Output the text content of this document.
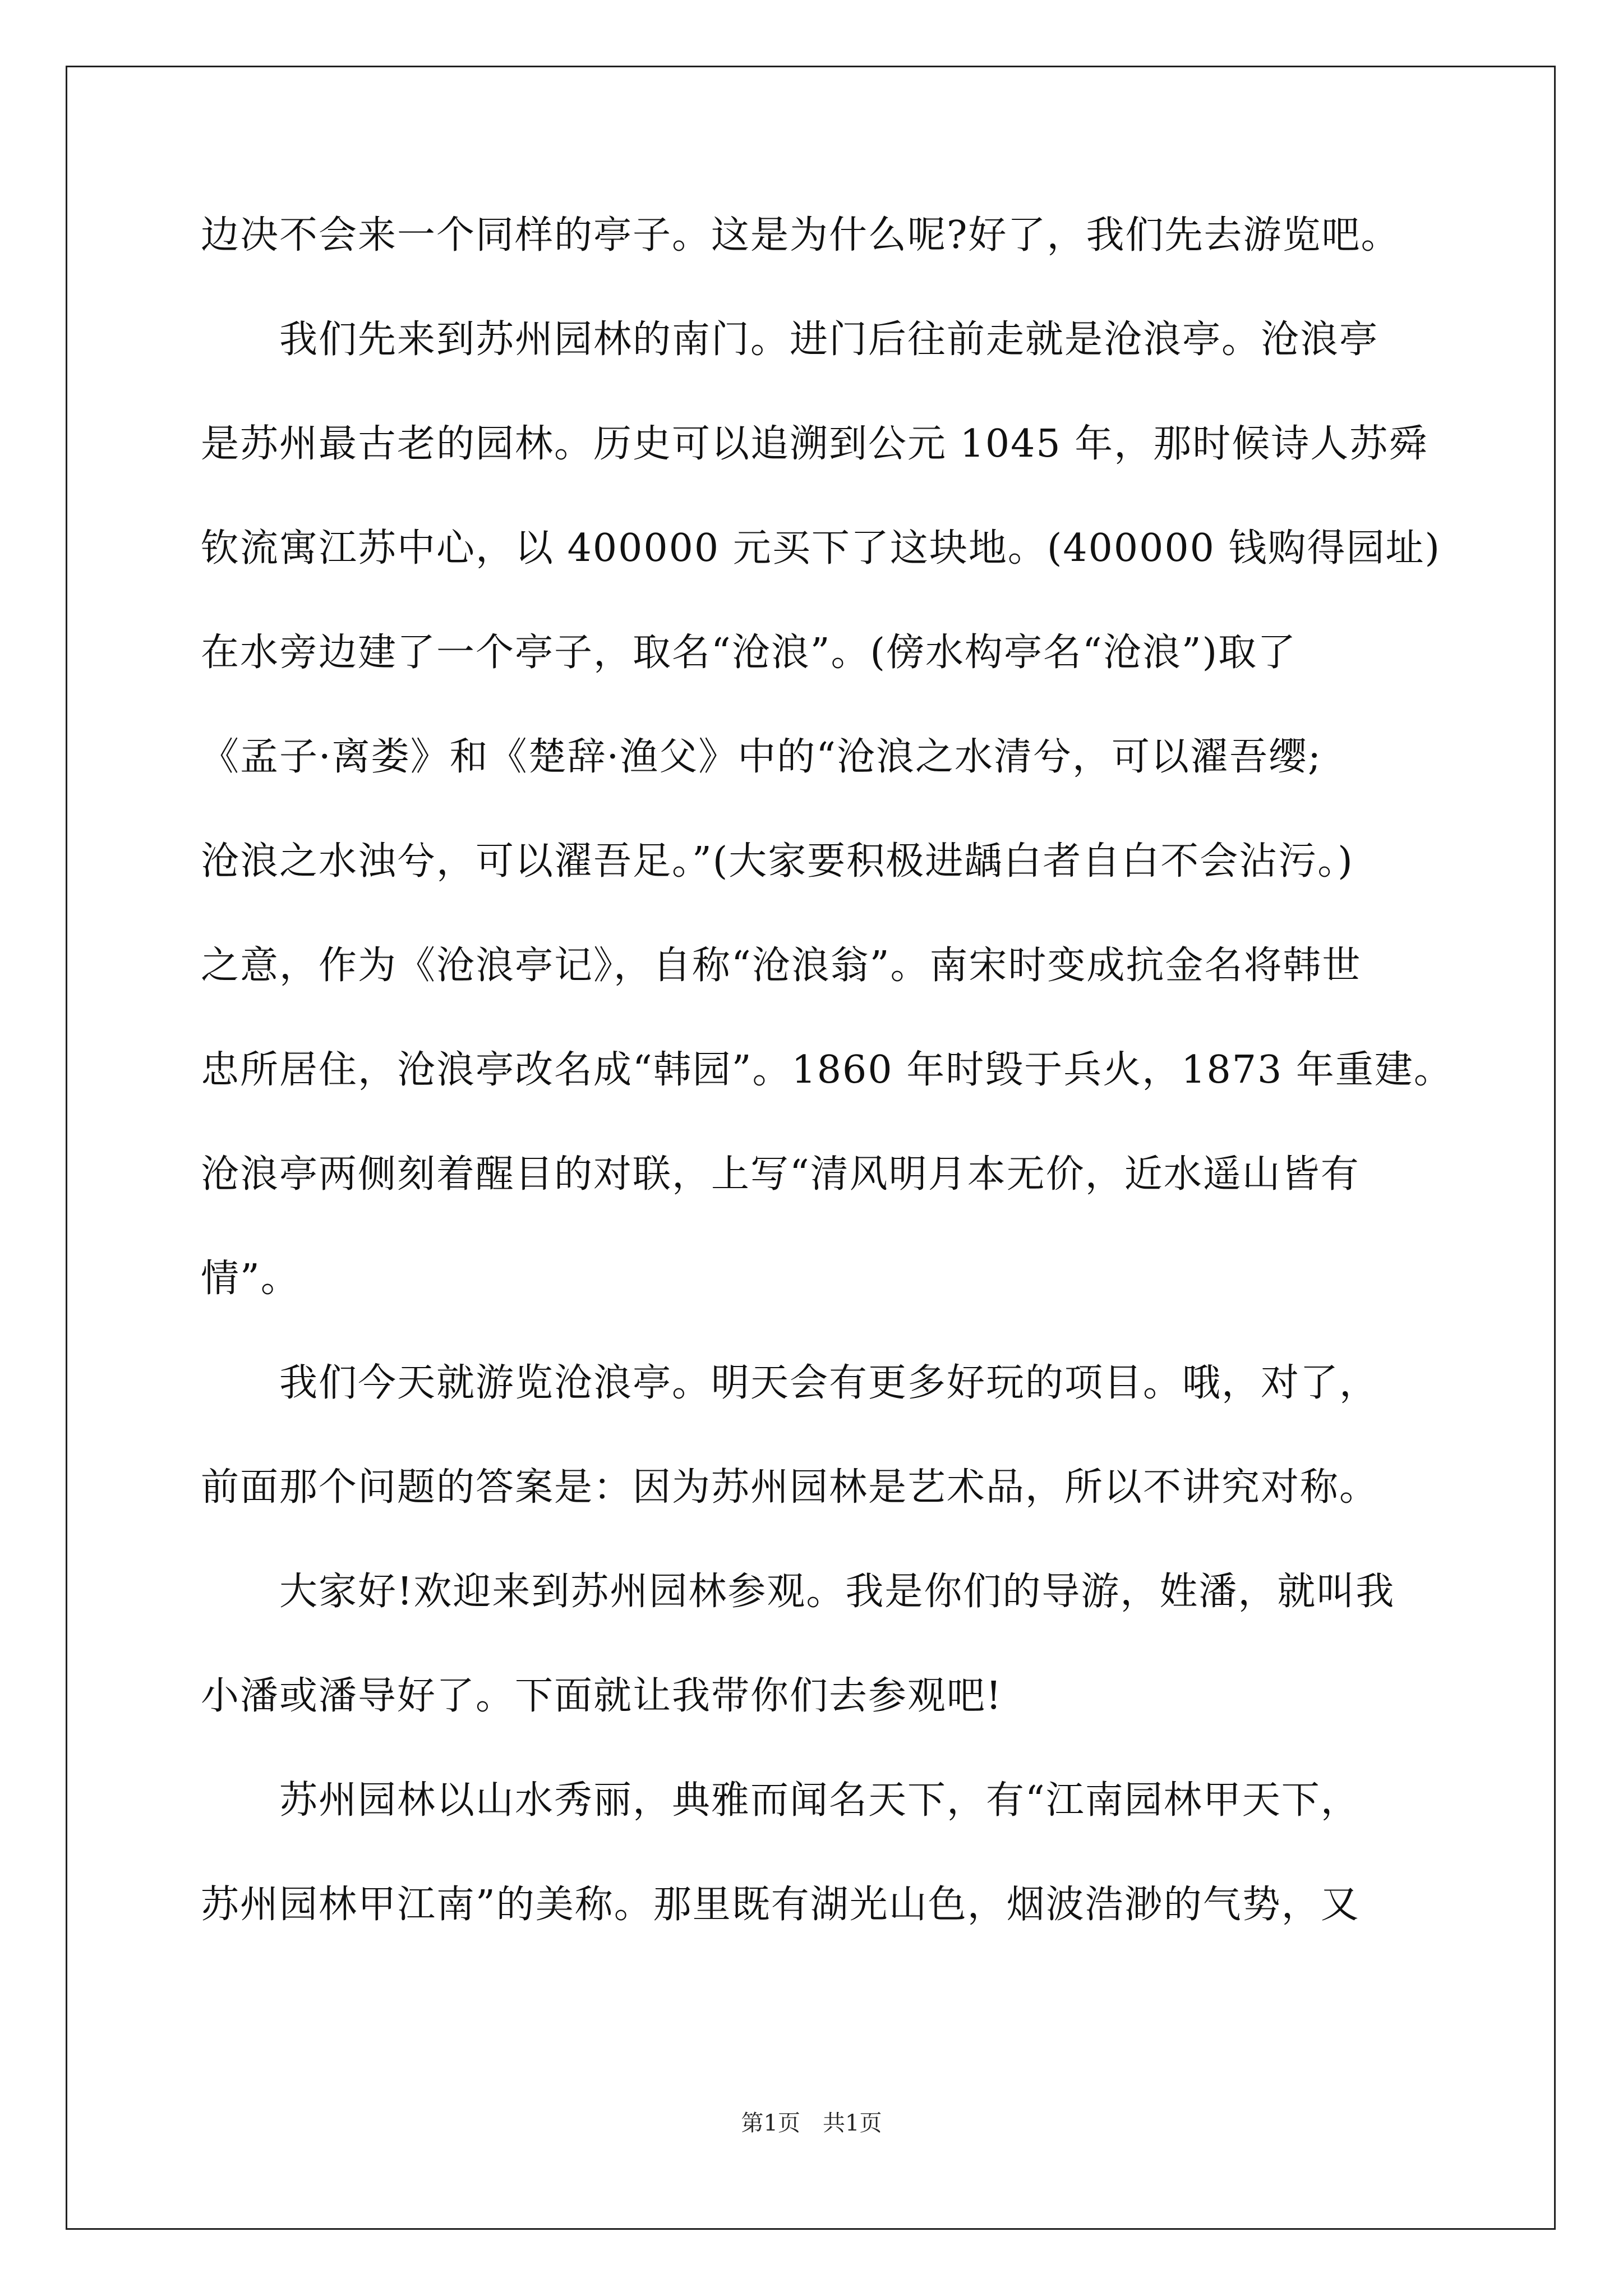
边决不会来一个同样的亭子。这是为什么呢?好了，我们先去游览吧。
　　我们先来到苏州园林的南门。进门后往前走就是沧浪亭。沧浪亭
是苏州最古老的园林。历史可以追溯到公元 1045 年，那时候诗人苏舜
钦流寓江苏中心，以 400000 元买下了这块地。(400000 钱购得园址)
在水旁边建了一个亭子，取名“沧浪”。(傍水构亭名“沧浪”)取了
《孟子·离娄》和《楚辞·渔父》中的“沧浪之水清兮，可以濯吾缨;
沧浪之水浊兮，可以濯吾足。”(大家要积极进龋白者自白不会沾污。)
之意，作为《沧浪亭记》，自称“沧浪翁”。南宋时变成抗金名将韩世
忠所居住，沧浪亭改名成“韩园”。1860 年时毁于兵火，1873 年重建。
沧浪亭两侧刻着醒目的对联，上写“清风明月本无价，近水遥山皆有
情”。
　　我们今天就游览沧浪亭。明天会有更多好玩的项目。哦，对了，
前面那个问题的答案是：因为苏州园林是艺术品，所以不讲究对称。
　　大家好!欢迎来到苏州园林参观。我是你们的导游，姓潘，就叫我
小潘或潘导好了。下面就让我带你们去参观吧!
　　苏州园林以山水秀丽，典雅而闻名天下，有“江南园林甲天下，
苏州园林甲江南”的美称。那里既有湖光山色，烟波浩渺的气势，又
第1页　共1页
